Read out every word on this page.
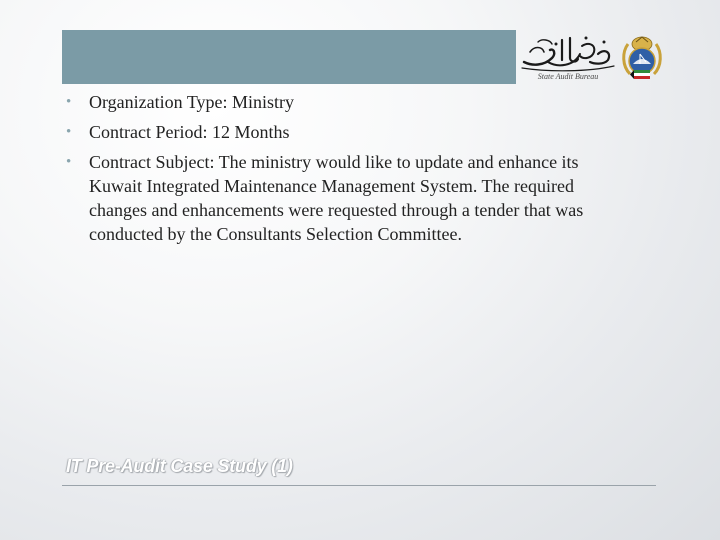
State Audit Bureau
• Organization Type: Ministry
• Contract Period: 12 Months
• Contract Subject: The ministry would like to update and enhance its Kuwait Integrated Maintenance Management System. The required changes and enhancements were requested through a tender that was conducted by the Consultants Selection Committee.
IT Pre-Audit Case Study (1)
